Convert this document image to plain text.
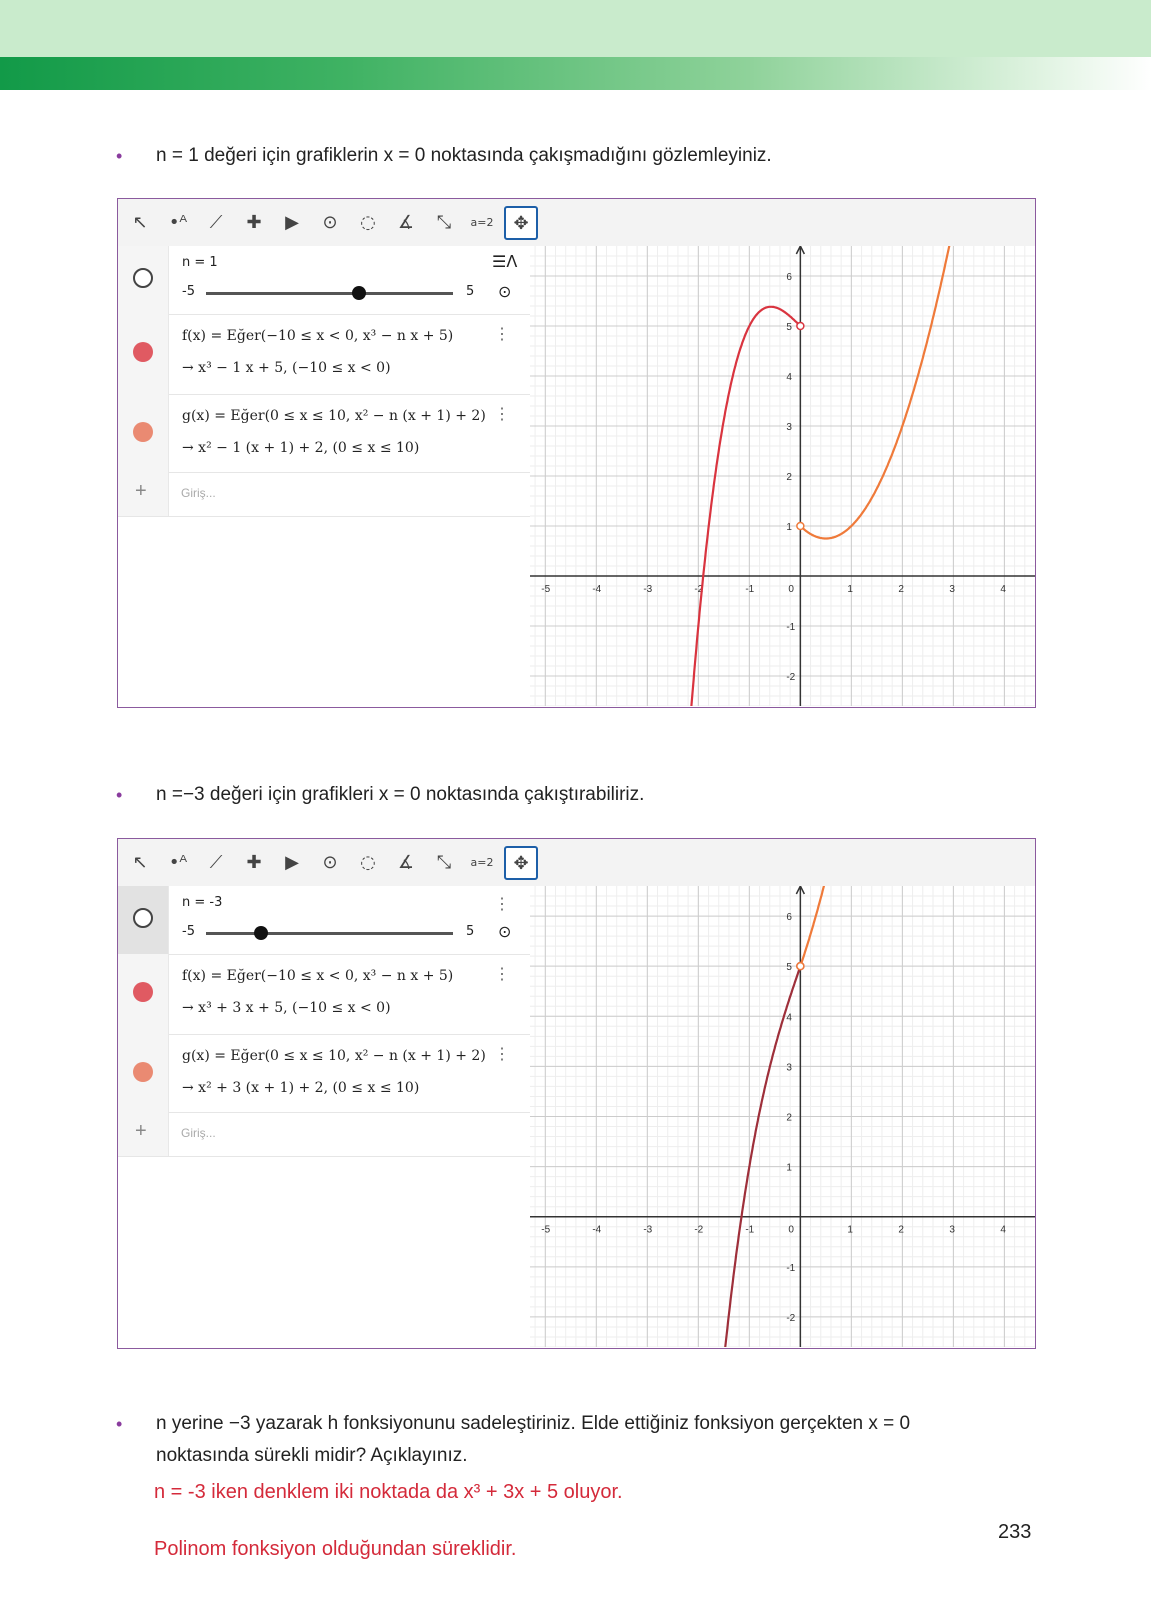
• n = 1 değeri için grafiklerin x = 0 noktasında çakışmadığını gözlemleyiniz.
↖	•ᴬ	⟋	✚	▶	⊙	◌	∡	⤡	a=2	✥
n = 1
-5	5
☰ᐱ
⊙
f(x) = Eğer(−10 ≤ x < 0, x³ − n x + 5)
→ x³ − 1 x + 5, (−10 ≤ x < 0)
⋮
g(x) = Eğer(0 ≤ x ≤ 10, x² − n (x + 1) + 2)
→ x² − 1 (x + 1) + 2, (0 ≤ x ≤ 10)
⋮
+	Giriş...
-5	-4	-3	-2	-1	0	1	2	3	4
6
5
4
3
2
1
-1
-2
• n =−3 değeri için grafikleri x = 0 noktasında çakıştırabiliriz.
↖	•ᴬ	⟋	✚	▶	⊙	◌	∡	⤡	a=2	✥
n = -3
-5	5
⋮
⊙
f(x) = Eğer(−10 ≤ x < 0, x³ − n x + 5)
→ x³ + 3 x + 5, (−10 ≤ x < 0)
⋮
g(x) = Eğer(0 ≤ x ≤ 10, x² − n (x + 1) + 2)
→ x² + 3 (x + 1) + 2, (0 ≤ x ≤ 10)
⋮
+	Giriş...
-5	-4	-3	-2	-1	0	1	2	3	4
6
5
4
3
2
1
-1
-2
• n yerine −3 yazarak h fonksiyonunu sadeleştiriniz. Elde ettiğiniz fonksiyon gerçekten x = 0
noktasında sürekli midir? Açıklayınız.
n = -3 iken denklem iki noktada da x³ + 3x + 5 oluyor.
233
Polinom fonksiyon olduğundan süreklidir.
